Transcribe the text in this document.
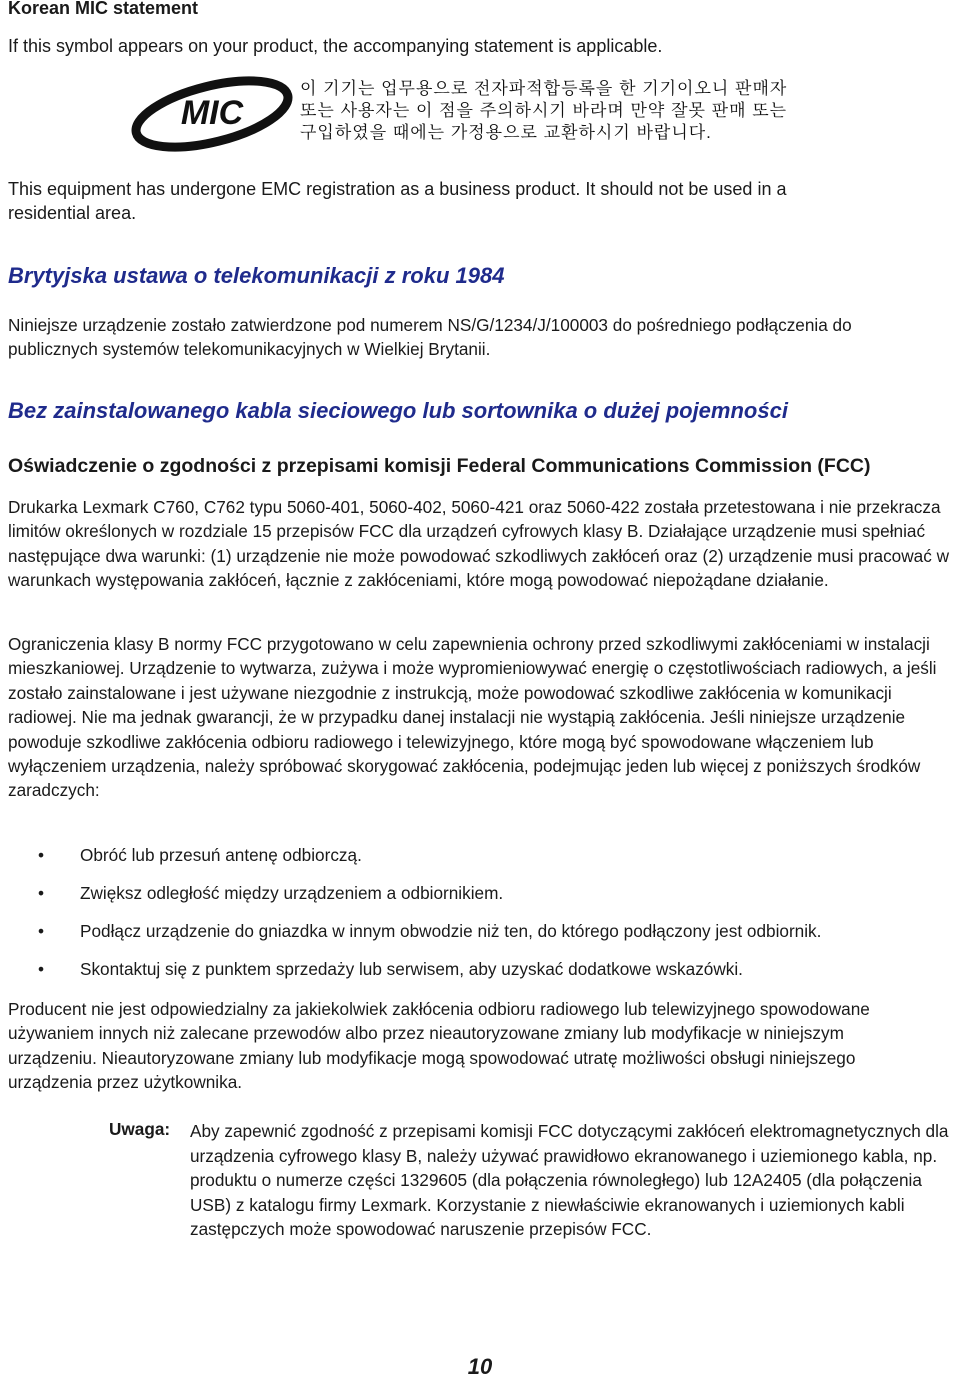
Korean MIC statement

If this symbol appears on your product, the accompanying statement is applicable.

MIC
이 기기는 업무용으로 전자파적합등록을 한 기기이오니 판매자
또는 사용자는 이 점을 주의하시기 바라며 만약 잘못 판매 또는
구입하였을 때에는 가정용으로 교환하시기 바랍니다.

This equipment has undergone EMC registration as a business product. It should not be used in a

residential area.

Brytyjska ustawa o telekomunikacji z roku 1984

Niniejsze urządzenie zostało zatwierdzone pod numerem NS/G/1234/J/100003 do pośredniego podłączenia do publicznych systemów telekomunikacyjnych w Wielkiej Brytanii.

Bez zainstalowanego kabla sieciowego lub sortownika o dużej pojemności
Oświadczenie o zgodności z przepisami komisji Federal Communications Commission (FCC)

Drukarka Lexmark C760, C762 typu 5060-401, 5060-402, 5060-421 oraz 5060-422 została przetestowana i nie przekracza limitów określonych w rozdziale 15 przepisów FCC dla urządzeń cyfrowych klasy B. Działające urządzenie musi spełniać następujące dwa warunki: (1) urządzenie nie może powodować szkodliwych zakłóceń oraz (2) urządzenie musi pracować w warunkach występowania zakłóceń, łącznie z zakłóceniami, które mogą powodować niepożądane działanie.

Ograniczenia klasy B normy FCC przygotowano w celu zapewnienia ochrony przed szkodliwymi zakłóceniami w instalacji mieszkaniowej. Urządzenie to wytwarza, zużywa i może wypromieniowywać energię o częstotliwościach radiowych, a jeśli zostało zainstalowane i jest używane niezgodnie z instrukcją, może powodować szkodliwe zakłócenia w komunikacji radiowej. Nie ma jednak gwarancji, że w przypadku danej instalacji nie wystąpią zakłócenia. Jeśli niniejsze urządzenie powoduje szkodliwe zakłócenia odbioru radiowego i telewizyjnego, które mogą być spowodowane włączeniem lub wyłączeniem urządzenia, należy spróbować skorygować zakłócenia, podejmując jeden lub więcej z poniższych środków zaradczych:

• Obróć lub przesuń antenę odbiorczą.
• Zwiększ odległość między urządzeniem a odbiornikiem.
• Podłącz urządzenie do gniazdka w innym obwodzie niż ten, do którego podłączony jest odbiornik.
• Skontaktuj się z punktem sprzedaży lub serwisem, aby uzyskać dodatkowe wskazówki.

Producent nie jest odpowiedzialny za jakiekolwiek zakłócenia odbioru radiowego lub telewizyjnego spowodowane używaniem innych niż zalecane przewodów albo przez nieautoryzowane zmiany lub modyfikacje w niniejszym urządzeniu. Nieautoryzowane zmiany lub modyfikacje mogą spowodować utratę możliwości obsługi niniejszego urządzenia przez użytkownika.

Uwaga: Aby zapewnić zgodność z przepisami komisji FCC dotyczącymi zakłóceń elektromagnetycznych dla urządzenia cyfrowego klasy B, należy używać prawidłowo ekranowanego i uziemionego kabla, np. produktu o numerze części 1329605 (dla połączenia równoległego) lub 12A2405 (dla połączenia USB) z katalogu firmy Lexmark. Korzystanie z niewłaściwie ekranowanych i uziemionych kabli zastępczych może spowodować naruszenie przepisów FCC.

10
